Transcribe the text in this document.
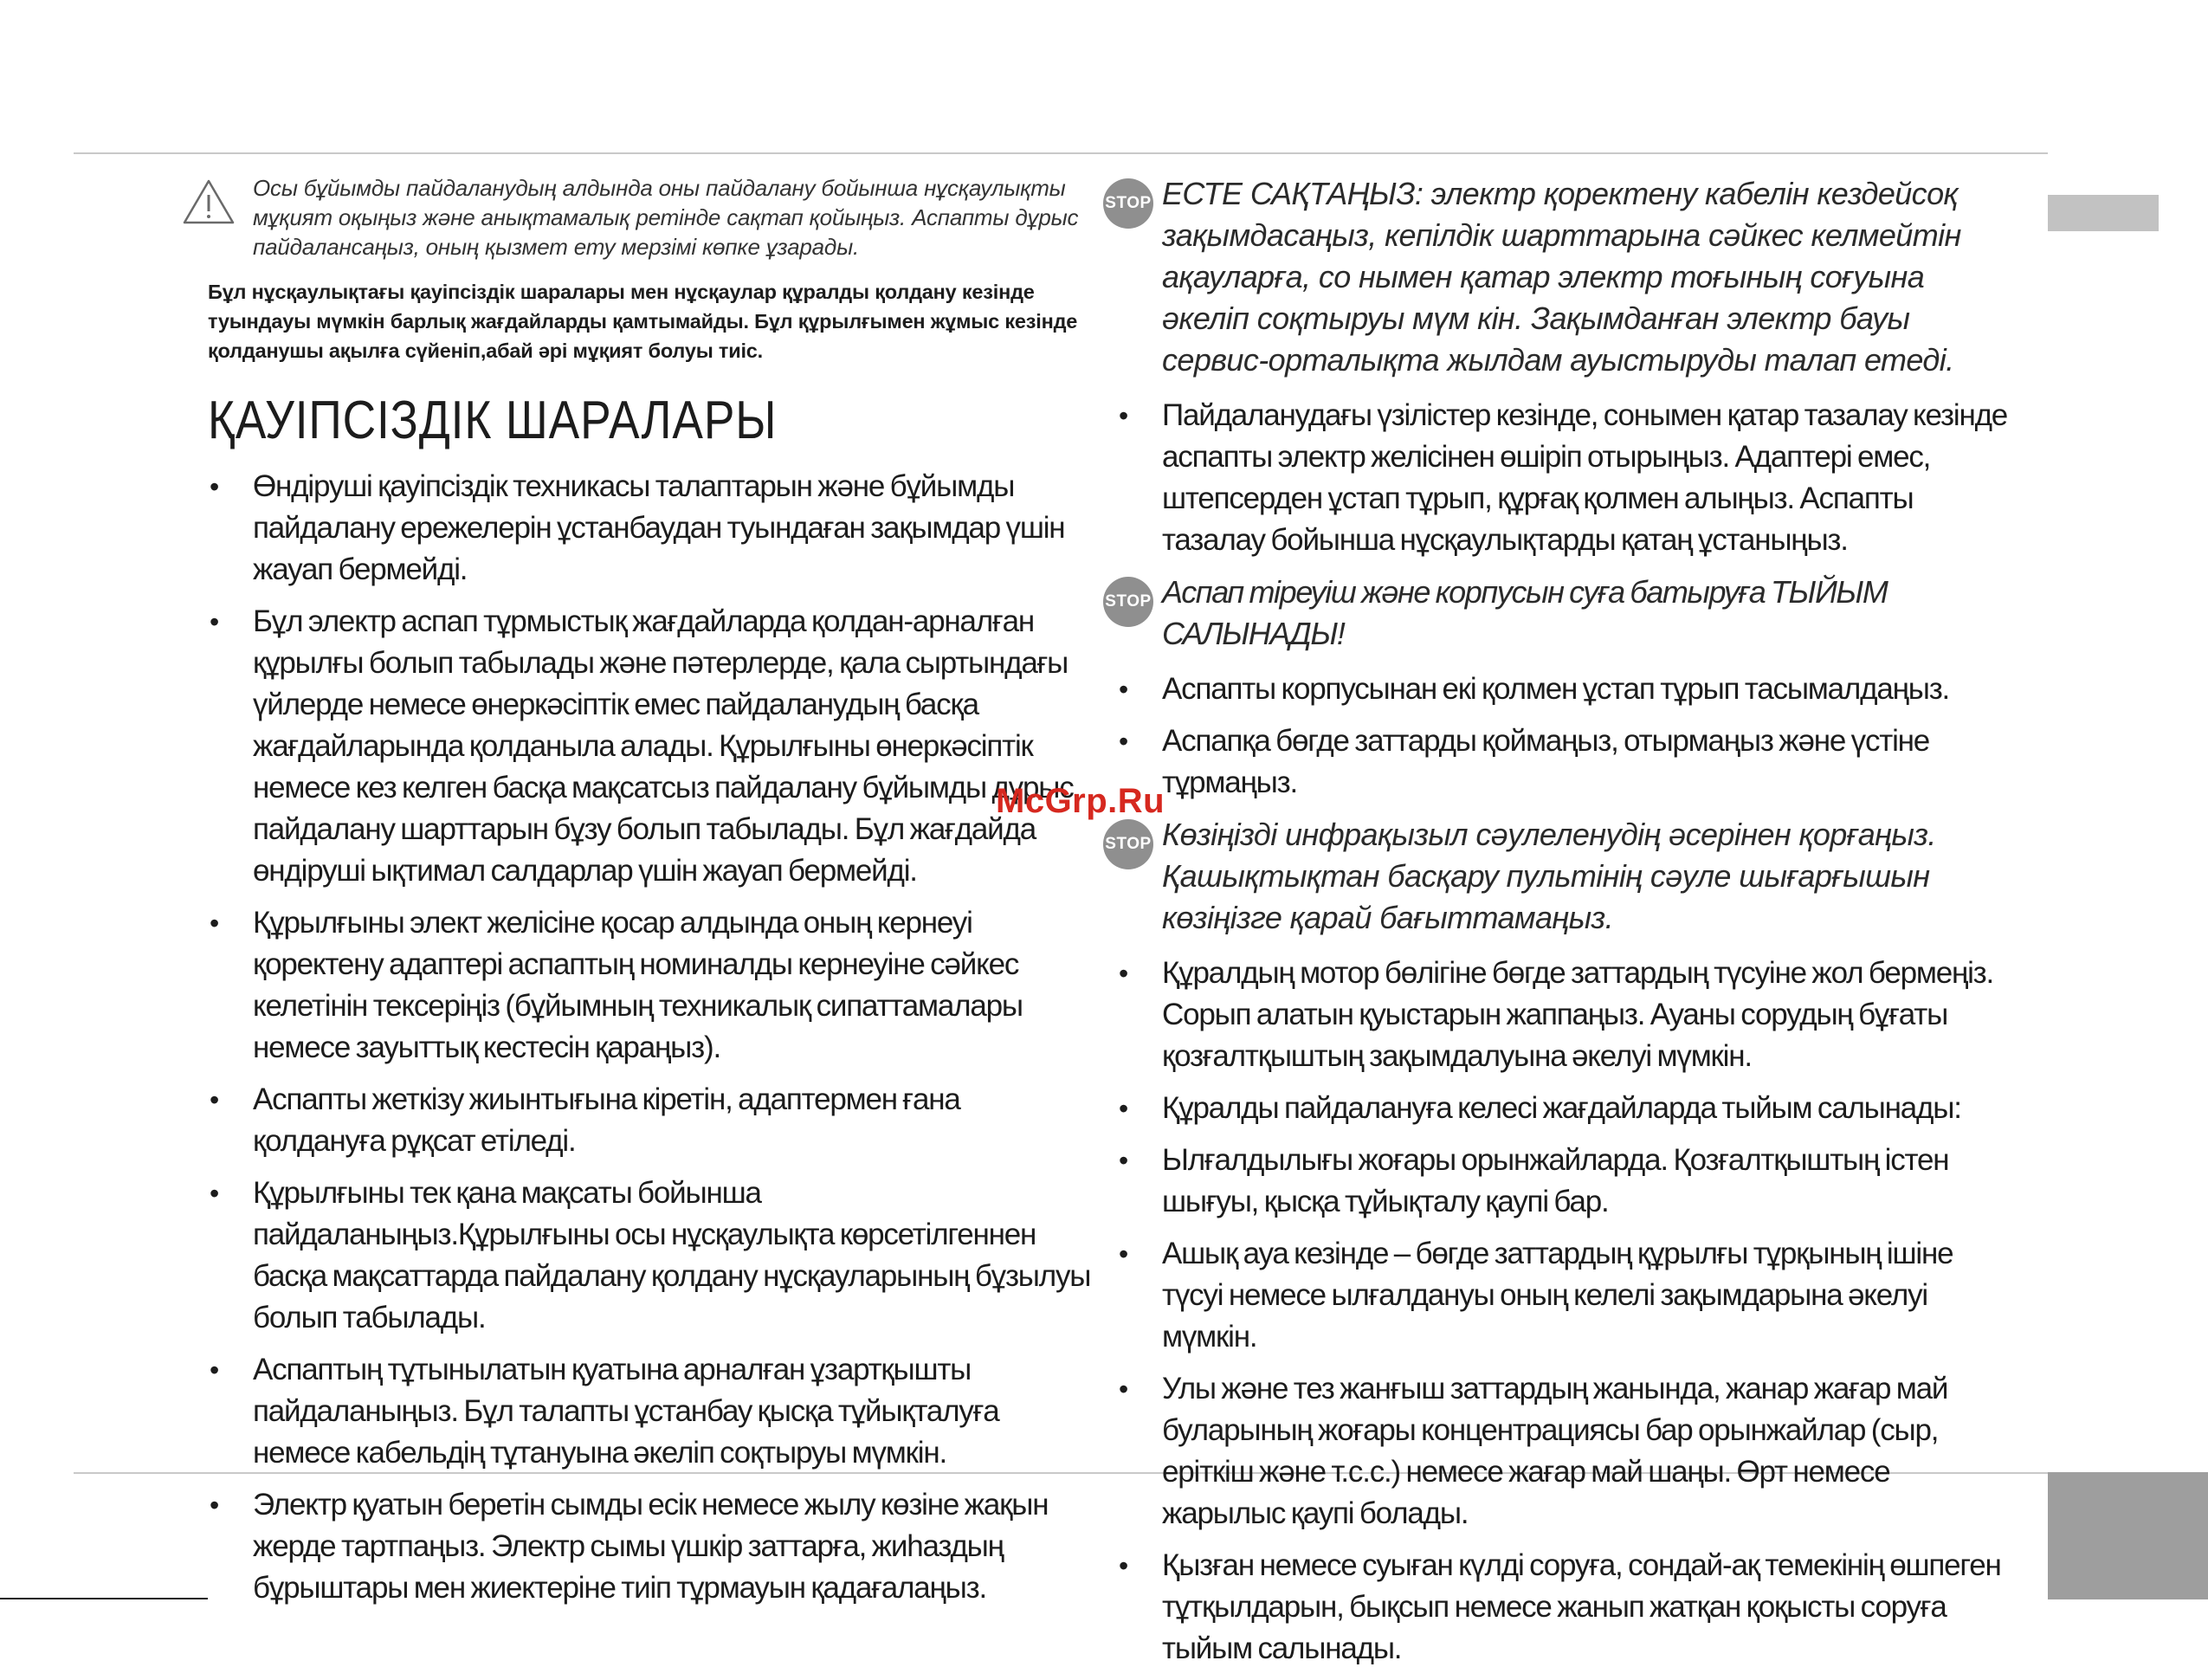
Осы бұйымды пайдаланудың алдында оны пайдалану бойынша нұсқаулықты мұқият оқыңыз және анықтамалық ретінде сақтап қойыңыз. Аспапты дұрыс пайдалансаңыз, оның қызмет ету мерзімі көпке ұзарады.

Бұл нұсқаулықтағы қауіпсіздік шаралары мен нұсқаулар құралды қолдану кезінде туындауы мүмкін барлық жағдайларды қамтымайды. Бұл құрылғымен жұмыс кезінде қолданушы ақылға сүйеніп,абай әрі мұқият болуы тиіс.

ҚАУІПСІЗДІК ШАРАЛАРЫ
• Өндіруші қауіпсіздік техникасы талаптарын және бұйымды пайдалану ережелерін ұстанбаудан туындаған зақымдар үшін жауап бермейді.
• Бұл электр аспап тұрмыстық жағдайларда қолдан-арналған құрылғы болып табылады және пәтерлерде, қала сыртындағы үйлерде немесе өнеркәсіптік емес пайдаланудың басқа жағдайларында қолданыла алады. Құрылғыны өнеркәсіптік немесе кез келген басқа мақсатсыз пайдалану бұйымды дұрыс пайдалану шарттарын бұзу болып табылады. Бұл жағдайда өндіруші ықтимал салдарлар үшін жауап бермейді.
• Құрылғыны элект желісіне қосар алдында оның кернеуі қоректену адаптері аспаптың номиналды кернеуіне сәйкес келетінін тексеріңіз (бұйымның техникалық сипаттамалары немесе зауыттық кестесін қараңыз).
• Аспапты жеткізу жиынтығына кіретін, адаптермен ғана қолдануға рұқсат етіледі.
• Құрылғыны тек қана мақсаты бойынша пайдаланыңыз.Құрылғыны осы нұсқаулықта көрсетілгеннен басқа мақсаттарда пайдалану қолдану нұсқауларының бұзылуы болып табылады.
• Аспаптың тұтынылатын қуатына арналған ұзартқышты пайдаланыңыз. Бұл талапты ұстанбау қысқа тұйықталуға немесе кабельдің тұтануына әкеліп соқтыруы мүмкін.
• Электр қуатын беретін сымды есік немесе жылу көзіне жақын жерде тартпаңыз. Электр сымы үшкір заттарға, жиһаздың бұрыштары мен жиектеріне тиіп тұрмауын қадағалаңыз.
STOP ЕСТЕ САҚТАҢЫЗ: электр қоректену кабелін кездейсоқ зақымдасаңыз, кепілдік шарттарына сәйкес келмейтін ақауларға, со нымен қатар электр тоғының соғуына әкеліп соқтыруы мүм кін. Зақымданған электр бауы сервис-орталықта жылдам ауыстыруды талап етеді.
• Пайдаланудағы үзілістер кезінде, сонымен қатар тазалау кезінде аспапты электр желісінен өшіріп отырыңыз. Адаптері емес, штепсерден ұстап тұрып, құрғақ қолмен алыңыз. Аспапты тазалау бойынша нұсқаулықтарды қатаң ұстаныңыз.
STOP Аспап тіреуіш және корпусын суға батыруға ТЫЙЫМ САЛЫНАДЫ!
• Аспапты корпусынан екі қолмен ұстап тұрып тасымалдаңыз.
• Аспапқа бөгде заттарды қоймаңыз, отырмаңыз және үстіне тұрмаңыз.
STOP Көзіңізді инфрақызыл сәулеленудің әсерінен қорғаңыз. Қашықтықтан басқару пультінің сәуле шығарғышын көзіңізге қарай бағыттамаңыз.
• Құралдың мотор бөлігіне бөгде заттардың түсуіне жол бермеңіз. Сорып алатын қуыстарын жаппаңыз. Ауаны сорудың бұғаты қозғалтқыштың зақымдалуына әкелуі мүмкін.
• Құралды пайдалануға келесі жағдайларда тыйым салынады:
• Ылғалдылығы жоғары орынжайларда. Қозғалтқыштың істен шығуы, қысқа тұйықталу қаупі бар.
• Ашық ауа кезінде – бөгде заттардың құрылғы тұрқының ішіне түсуі немесе ылғалдануы оның келелі зақымдарына әкелуі мүмкін.
• Улы және тез жанғыш заттардың жанында, жанар жағар май буларының жоғары концентрациясы бар орынжайлар (сыр, еріткіш және т.с.с.) немесе жағар май шаңы. Өрт немесе жарылыс қаупі болады.
• Қызған немесе суыған күлді соруға, сондай-ақ темекінің өшпеген тұтқылдарын, бықсып немесе жанып жатқан қоқысты соруға тыйым салынады.
McGrp.Ru
